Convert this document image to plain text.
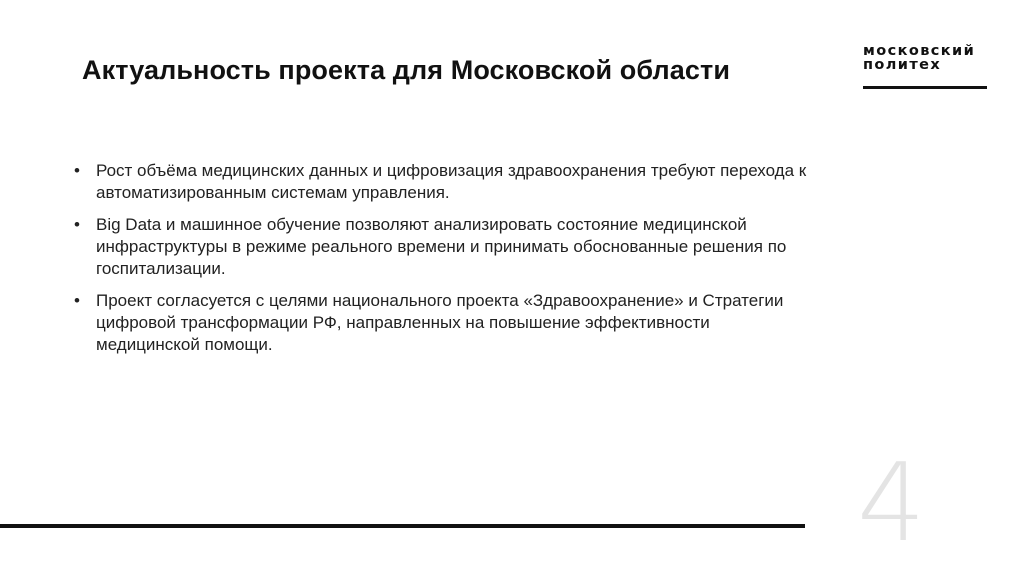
Актуальность проекта для Московской области
московский
политех
• Рост объёма медицинских данных и цифровизация здравоохранения требуют перехода к автоматизированным системам управления.
• Big Data и машинное обучение позволяют анализировать состояние медицинской инфраструктуры в режиме реального времени и принимать обоснованные решения по госпитализации.
• Проект согласуется с целями национального проекта «Здравоохранение» и Стратегии цифровой трансформации РФ, направленных на повышение эффективности медицинской помощи.
4
